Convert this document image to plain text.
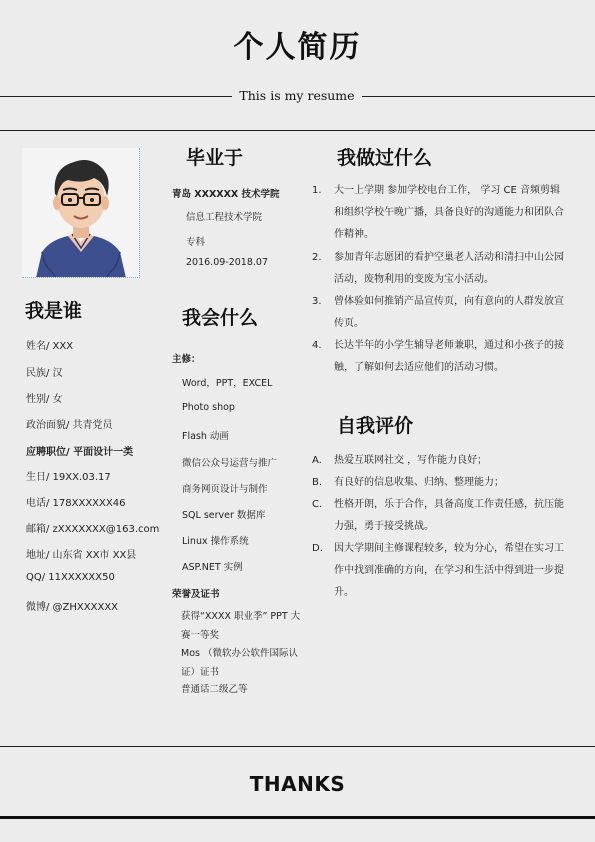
个人简历
This is my resume
我是谁
姓名/ XXX
民族/ 汉
性别/ 女
政治面貌/ 共青党员
应聘职位/ 平面设计一类
生日/ 19XX.03.17
电话/ 178XXXXXX46
邮箱/ zXXXXXXX@163.com
地址/ 山东省 XX市 XX县
QQ/ 11XXXXXX50
微博/ @ZHXXXXXX
毕业于
青岛 XXXXXX 技术学院
信息工程技术学院
专科
2016.09-2018.07
我会什么
主修：
Word，PPT，EXCEL
Photo shop
Flash 动画
微信公众号运营与推广
商务网页设计与制作
SQL server 数据库
Linux 操作系统
ASP.NET 实例
荣誉及证书
获得“XXXX 职业季” PPT 大赛一等奖
Mos （微软办公软件国际认证）证书
普通话二级乙等
我做过什么
1. 大一上学期 参加学校电台工作， 学习 CE 音频剪辑和组织学校午晚广播，具备良好的沟通能力和团队合作精神。
2. 参加青年志愿团的看护空巢老人活动和清扫中山公园活动，废物利用的变废为宝小活动。
3. 曾体验如何推销产品宣传页，向有意向的人群发放宣传页。
4. 长达半年的小学生辅导老师兼职，通过和小孩子的接触，了解如何去适应他们的活动习惯。
自我评价
A. 热爱互联网社交 ，写作能力良好；
B. 有良好的信息收集、归纳、整理能力；
C. 性格开朗，乐于合作，具备高度工作责任感，抗压能力强，勇于接受挑战。
D. 因大学期间主修课程较多，较为分心，希望在实习工作中找到准确的方向，在学习和生活中得到进一步提升。
THANKS
